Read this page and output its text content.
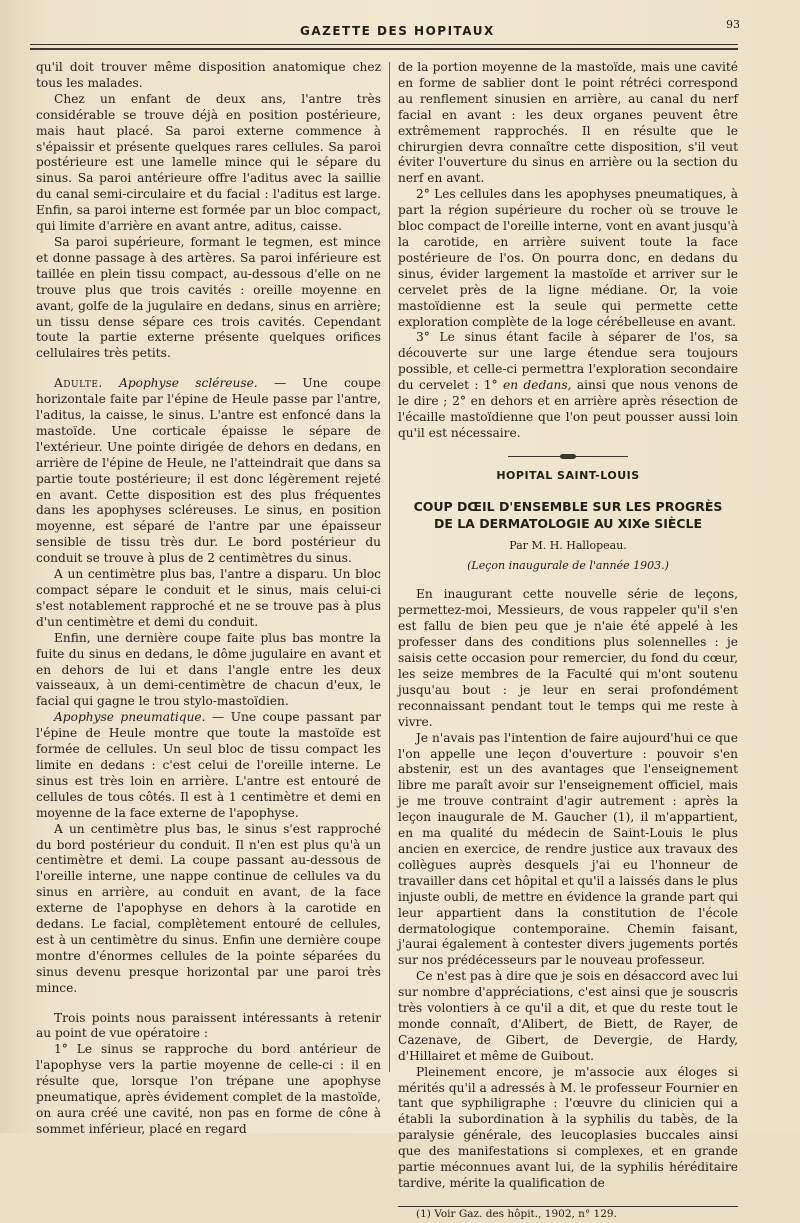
GAZETTE DES HOPITAUX	93

qu'il doit trouver même disposition anatomique chez tous les malades.

Chez un enfant de deux ans, l'antre très considérable se trouve déjà en position postérieure, mais haut placé. Sa paroi externe commence à s'épaissir et présente quelques rares cellules. Sa paroi postérieure est une lamelle mince qui le sépare du sinus. Sa paroi antérieure offre l'aditus avec la saillie du canal semi-circulaire et du facial : l'aditus est large. Enfin, sa paroi interne est formée par un bloc compact, qui limite d'arrière en avant antre, aditus, caisse.

Sa paroi supérieure, formant le tegmen, est mince et donne passage à des artères. Sa paroi inférieure est taillée en plein tissu compact, au-dessous d'elle on ne trouve plus que trois cavités : oreille moyenne en avant, golfe de la jugulaire en dedans, sinus en arrière; un tissu dense sépare ces trois cavités. Cependant toute la partie externe présente quelques orifices cellulaires très petits.

Adulte. Apophyse scléreuse. — Une coupe horizontale faite par l'épine de Heule passe par l'antre, l'aditus, la caisse, le sinus. L'antre est enfoncé dans la mastoïde. Une corticale épaisse le sépare de l'extérieur. Une pointe dirigée de dehors en dedans, en arrière de l'épine de Heule, ne l'atteindrait que dans sa partie toute postérieure; il est donc légèrement rejeté en avant. Cette disposition est des plus fréquentes dans les apophyses scléreuses. Le sinus, en position moyenne, est séparé de l'antre par une épaisseur sensible de tissu très dur. Le bord postérieur du conduit se trouve à plus de 2 centimètres du sinus.

A un centimètre plus bas, l'antre a disparu. Un bloc compact sépare le conduit et le sinus, mais celui-ci s'est notablement rapproché et ne se trouve pas à plus d'un centimètre et demi du conduit.

Enfin, une dernière coupe faite plus bas montre la fuite du sinus en dedans, le dôme jugulaire en avant et en dehors de lui et dans l'angle entre les deux vaisseaux, à un demi-centimètre de chacun d'eux, le facial qui gagne le trou stylo-mastoïdien.

Apophyse pneumatique. — Une coupe passant par l'épine de Heule montre que toute la mastoïde est formée de cellules. Un seul bloc de tissu compact les limite en dedans : c'est celui de l'oreille interne. Le sinus est très loin en arrière. L'antre est entouré de cellules de tous côtés. Il est à 1 centimètre et demi en moyenne de la face externe de l'apophyse.

A un centimètre plus bas, le sinus s'est rapproché du bord postérieur du conduit. Il n'en est plus qu'à un centimètre et demi. La coupe passant au-dessous de l'oreille interne, une nappe continue de cellules va du sinus en arrière, au conduit en avant, de la face externe de l'apophyse en dehors à la carotide en dedans. Le facial, complètement entouré de cellules, est à un centimètre du sinus. Enfin une dernière coupe montre d'énormes cellules de la pointe séparées du sinus devenu presque horizontal par une paroi très mince.

Trois points nous paraissent intéressants à retenir au point de vue opératoire :

1° Le sinus se rapproche du bord antérieur de l'apophyse vers la partie moyenne de celle-ci : il en résulte que, lorsque l'on trépane une apophyse pneumatique, après évidement complet de la mastoïde, on aura créé une cavité, non pas en forme de cône à sommet inférieur, placé en regard

de la portion moyenne de la mastoïde, mais une cavité en forme de sablier dont le point rétréci correspond au renflement sinusien en arrière, au canal du nerf facial en avant : les deux organes peuvent être extrêmement rapprochés. Il en résulte que le chirurgien devra connaître cette disposition, s'il veut éviter l'ouverture du sinus en arrière ou la section du nerf en avant.

2° Les cellules dans les apophyses pneumatiques, à part la région supérieure du rocher où se trouve le bloc compact de l'oreille interne, vont en avant jusqu'à la carotide, en arrière suivent toute la face postérieure de l'os. On pourra donc, en dedans du sinus, évider largement la mastoïde et arriver sur le cervelet près de la ligne médiane. Or, la voie mastoïdienne est la seule qui permette cette exploration complète de la loge cérébelleuse en avant.

3° Le sinus étant facile à séparer de l'os, sa découverte sur une large étendue sera toujours possible, et celle-ci permettra l'exploration secondaire du cervelet : 1° en dedans, ainsi que nous venons de le dire ; 2° en dehors et en arrière après résection de l'écaille mastoïdienne que l'on peut pousser aussi loin qu'il est nécessaire.

HOPITAL SAINT-LOUIS
COUP DŒIL D'ENSEMBLE SUR LES PROGRÈS
DE LA DERMATOLOGIE AU XIXe SIÈCLE
Par M. H. Hallopeau.
(Leçon inaugurale de l'année 1903.)

En inaugurant cette nouvelle série de leçons, permettez-moi, Messieurs, de vous rappeler qu'il s'en est fallu de bien peu que je n'aie été appelé à les professer dans des conditions plus solennelles : je saisis cette occasion pour remercier, du fond du cœur, les seize membres de la Faculté qui m'ont soutenu jusqu'au bout : je leur en serai profondément reconnaissant pendant tout le temps qui me reste à vivre.

Je n'avais pas l'intention de faire aujourd'hui ce que l'on appelle une leçon d'ouverture : pouvoir s'en abstenir, est un des avantages que l'enseignement libre me paraît avoir sur l'enseignement officiel, mais je me trouve contraint d'agir autrement : après la leçon inaugurale de M. Gaucher (1), il m'appartient, en ma qualité du médecin de Saint-Louis le plus ancien en exercice, de rendre justice aux travaux des collègues auprès desquels j'ai eu l'honneur de travailler dans cet hôpital et qu'il a laissés dans le plus injuste oubli, de mettre en évidence la grande part qui leur appartient dans la constitution de l'école dermatologique contemporaine. Chemin faisant, j'aurai également à contester divers jugements portés sur nos prédécesseurs par le nouveau professeur.

Ce n'est pas à dire que je sois en désaccord avec lui sur nombre d'appréciations, c'est ainsi que je souscris très volontiers à ce qu'il a dit, et que du reste tout le monde connaît, d'Alibert, de Biett, de Rayer, de Cazenave, de Gibert, de Devergie, de Hardy, d'Hillairet et même de Guibout.

Pleinement encore, je m'associe aux éloges si mérités qu'il a adressés à M. le professeur Fournier en tant que syphiligraphe : l'œuvre du clinicien qui a établi la subordination à la syphilis du tabès, de la paralysie générale, des leucoplasies buccales ainsi que des manifestations si complexes, et en grande partie méconnues avant lui, de la syphilis héréditaire tardive, mérite la qualification de

(1) Voir Gaz. des hôpit., 1902, n° 129.
